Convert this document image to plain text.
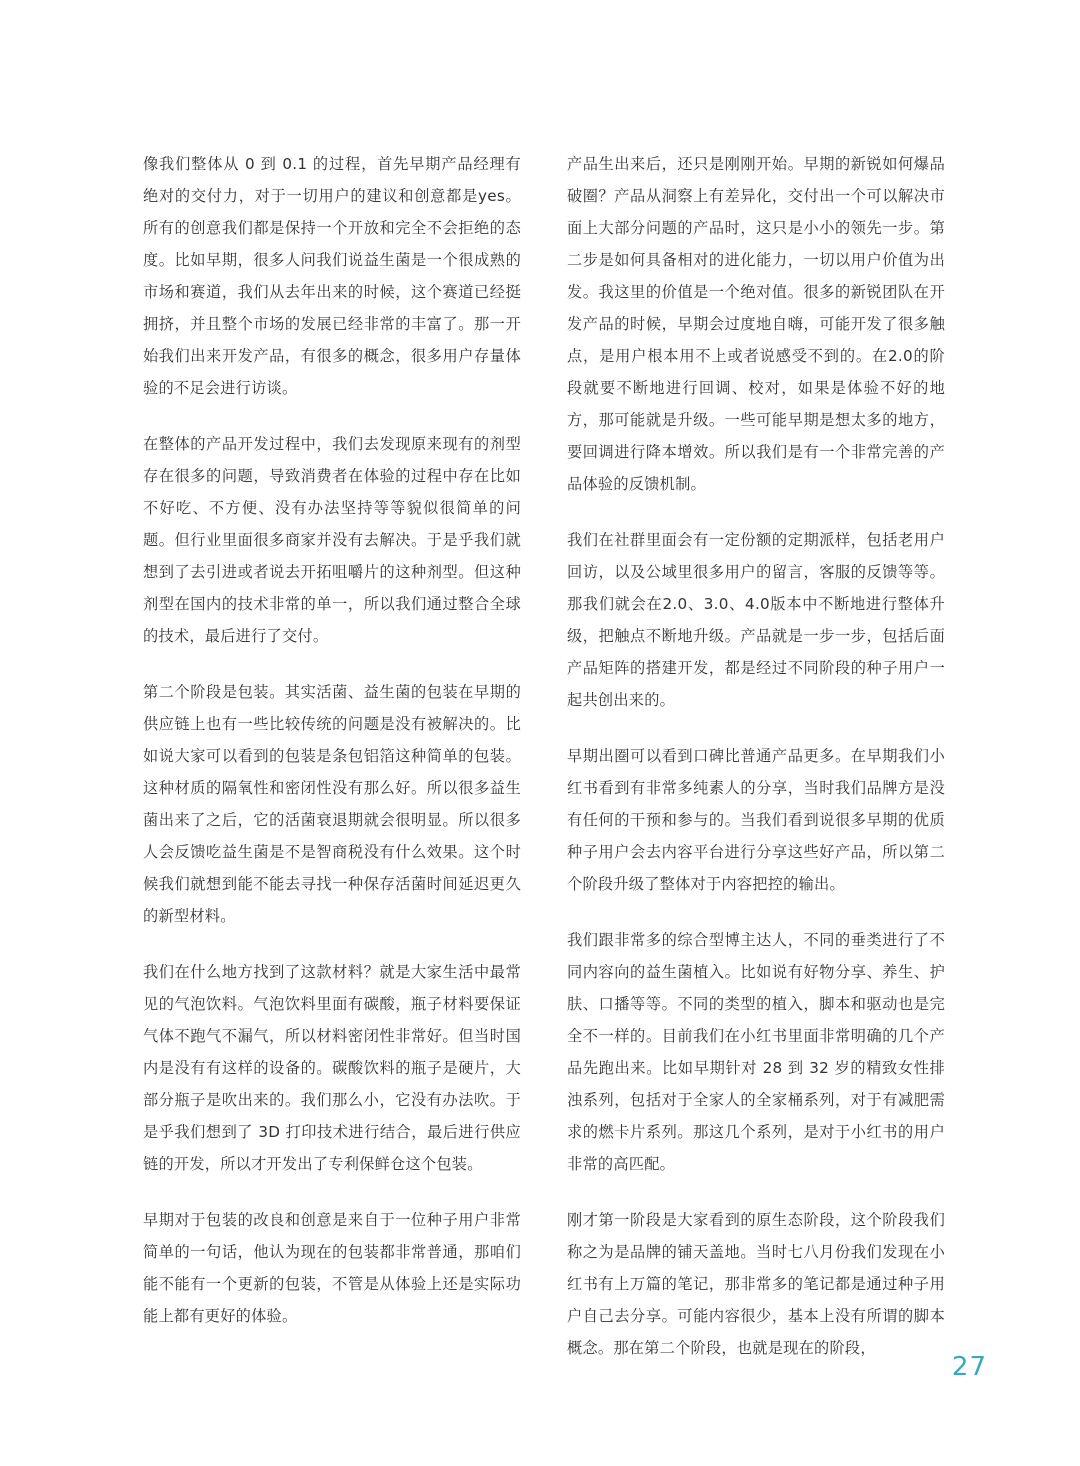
像我们整体从 0 到 0.1 的过程，首先早期产品经理有绝对的交付力，对于一切用户的建议和创意都是yes。所有的创意我们都是保持一个开放和完全不会拒绝的态度。比如早期，很多人问我们说益生菌是一个很成熟的市场和赛道，我们从去年出来的时候，这个赛道已经挺拥挤，并且整个市场的发展已经非常的丰富了。那一开始我们出来开发产品，有很多的概念，很多用户存量体验的不足会进行访谈。

在整体的产品开发过程中，我们去发现原来现有的剂型存在很多的问题，导致消费者在体验的过程中存在比如不好吃、不方便、没有办法坚持等等貌似很简单的问题。但行业里面很多商家并没有去解决。于是乎我们就想到了去引进或者说去开拓咀嚼片的这种剂型。但这种剂型在国内的技术非常的单一，所以我们通过整合全球的技术，最后进行了交付。

第二个阶段是包装。其实活菌、益生菌的包装在早期的供应链上也有一些比较传统的问题是没有被解决的。比如说大家可以看到的包装是条包铝箔这种简单的包装。这种材质的隔氧性和密闭性没有那么好。所以很多益生菌出来了之后，它的活菌衰退期就会很明显。所以很多人会反馈吃益生菌是不是智商税没有什么效果。这个时候我们就想到能不能去寻找一种保存活菌时间延迟更久的新型材料。

我们在什么地方找到了这款材料？就是大家生活中最常见的气泡饮料。气泡饮料里面有碳酸，瓶子材料要保证气体不跑气不漏气，所以材料密闭性非常好。但当时国内是没有有这样的设备的。碳酸饮料的瓶子是硬片，大部分瓶子是吹出来的。我们那么小，它没有办法吹。于是乎我们想到了 3D 打印技术进行结合，最后进行供应链的开发，所以才开发出了专利保鲜仓这个包装。

早期对于包装的改良和创意是来自于一位种子用户非常简单的一句话，他认为现在的包装都非常普通，那咱们能不能有一个更新的包装，不管是从体验上还是实际功能上都有更好的体验。

产品生出来后，还只是刚刚开始。早期的新锐如何爆品破圈？产品从洞察上有差异化，交付出一个可以解决市面上大部分问题的产品时，这只是小小的领先一步。第二步是如何具备相对的进化能力，一切以用户价值为出发。我这里的价值是一个绝对值。很多的新锐团队在开发产品的时候，早期会过度地自嗨，可能开发了很多触点，是用户根本用不上或者说感受不到的。在2.0的阶段就要不断地进行回调、校对，如果是体验不好的地方，那可能就是升级。一些可能早期是想太多的地方，要回调进行降本增效。所以我们是有一个非常完善的产品体验的反馈机制。

我们在社群里面会有一定份额的定期派样，包括老用户回访，以及公域里很多用户的留言，客服的反馈等等。那我们就会在2.0、3.0、4.0版本中不断地进行整体升级，把触点不断地升级。产品就是一步一步，包括后面产品矩阵的搭建开发，都是经过不同阶段的种子用户一起共创出来的。

早期出圈可以看到口碑比普通产品更多。在早期我们小红书看到有非常多纯素人的分享，当时我们品牌方是没有任何的干预和参与的。当我们看到说很多早期的优质种子用户会去内容平台进行分享这些好产品，所以第二个阶段升级了整体对于内容把控的输出。

我们跟非常多的综合型博主达人，不同的垂类进行了不同内容向的益生菌植入。比如说有好物分享、养生、护肤、口播等等。不同的类型的植入，脚本和驱动也是完全不一样的。目前我们在小红书里面非常明确的几个产品先跑出来。比如早期针对 28 到 32 岁的精致女性排浊系列，包括对于全家人的全家桶系列，对于有减肥需求的燃卡片系列。那这几个系列，是对于小红书的用户非常的高匹配。

刚才第一阶段是大家看到的原生态阶段，这个阶段我们称之为是品牌的铺天盖地。当时七八月份我们发现在小红书有上万篇的笔记，那非常多的笔记都是通过种子用户自己去分享。可能内容很少，基本上没有所谓的脚本概念。那在第二个阶段，也就是现在的阶段，

27
